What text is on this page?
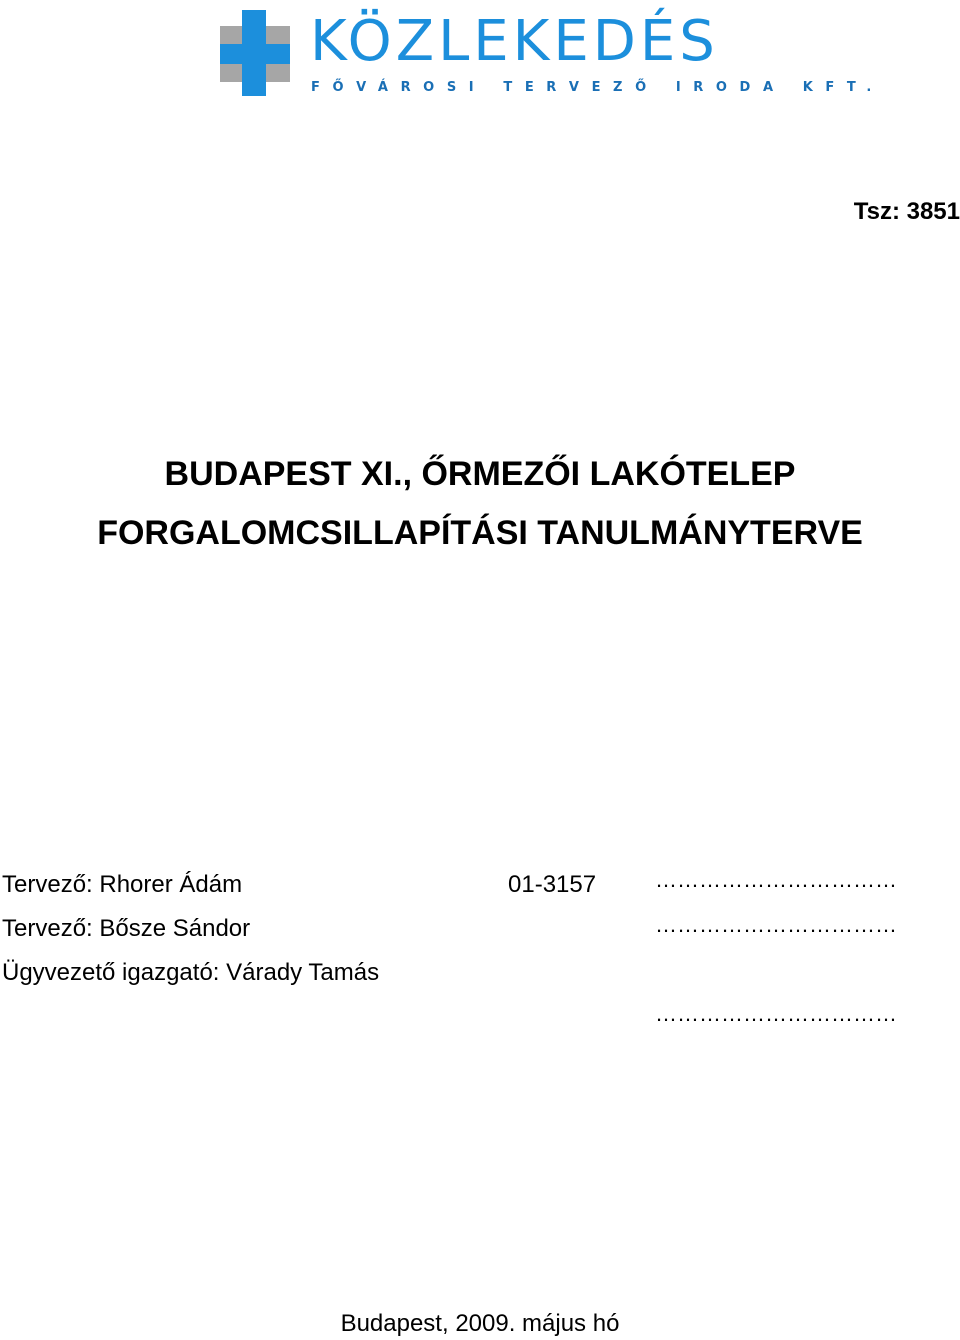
KÖZLEKEDÉS
FŐVÁROSI TERVEZŐ IRODA KFT.
Tsz: 3851
BUDAPEST XI., ŐRMEZŐI LAKÓTELEP
FORGALOMCSILLAPÍTÁSI TANULMÁNYTERVE
Tervező: Rhorer Ádám	01-3157	……………………………
Tervező: Bősze Sándor	……………………………
Ügyvezető igazgató: Várady Tamás
……………………………
Budapest, 2009. május hó
